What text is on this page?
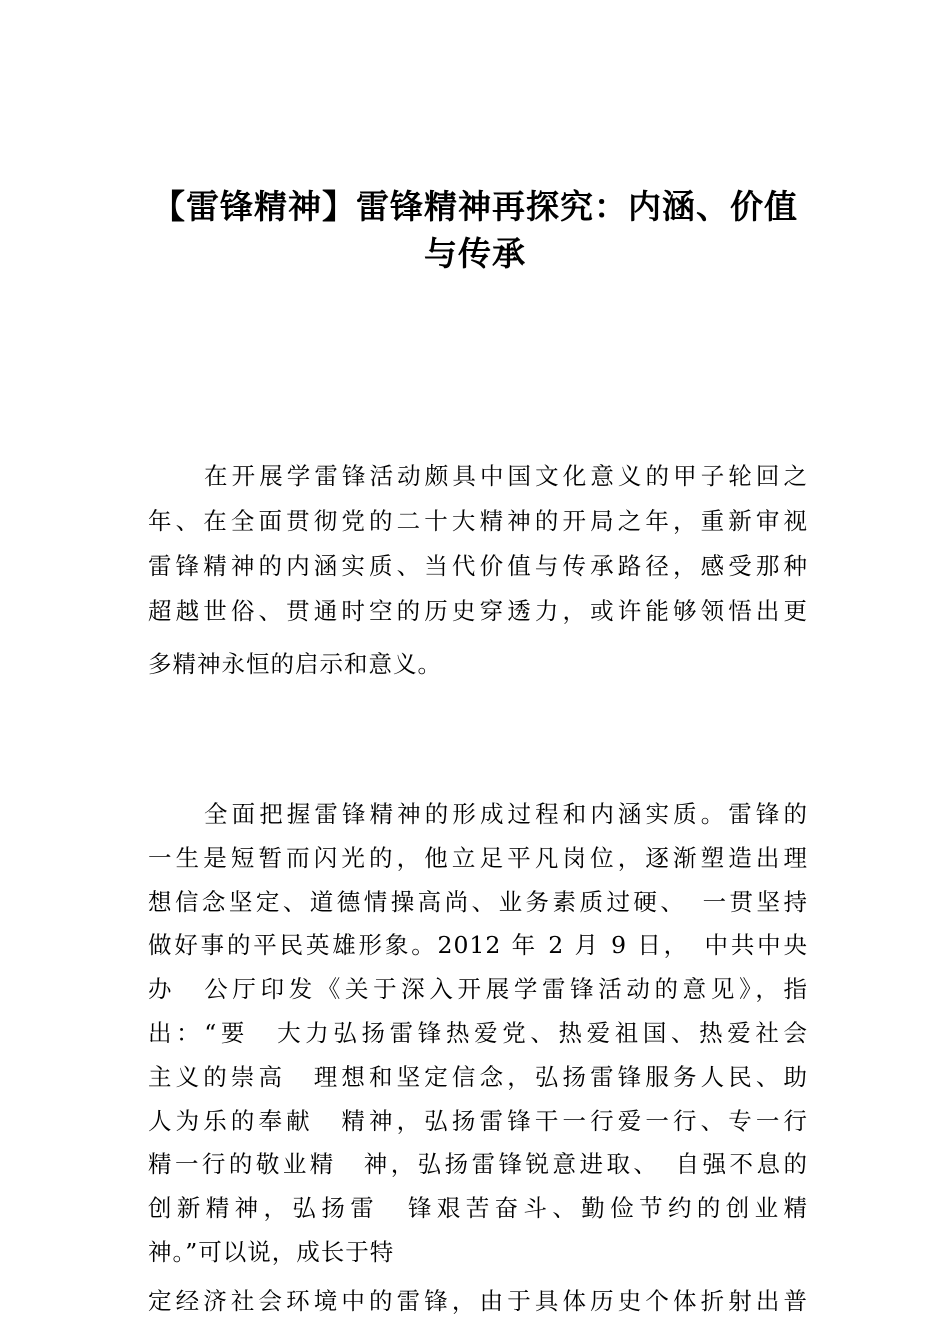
【雷锋精神】雷锋精神再探究：内涵、价值
与传承
在开展学雷锋活动颇具中国文化意义的甲子轮回之
年、在全面贯彻党的二十大精神的开局之年，重新审视
雷锋精神的内涵实质、当代价值与传承路径，感受那种
超越世俗、贯通时空的历史穿透力，或许能够领悟出更
多精神永恒的启示和意义。
全面把握雷锋精神的形成过程和内涵实质。雷锋的
一生是短暂而闪光的，他立足平凡岗位，逐渐塑造出理
想信念坚定、道德情操高尚、业务素质过硬、　一贯坚持
做好事的平民英雄形象。2012 年 2 月 9 日，　中共中央
办　公厅印发《关于深入开展学雷锋活动的意见》，指
出：“要　大力弘扬雷锋热爱党、热爱祖国、热爱社会
主义的崇高　理想和坚定信念，弘扬雷锋服务人民、助
人为乐的奉献　精神，弘扬雷锋干一行爱一行、专一行
精一行的敬业精　神，弘扬雷锋锐意进取、　自强不息的
创新精神，弘扬雷　锋艰苦奋斗、勤俭节约的创业精
神。”可以说，成长于特
定经济社会环境中的雷锋，由于具体历史个体折射出普
